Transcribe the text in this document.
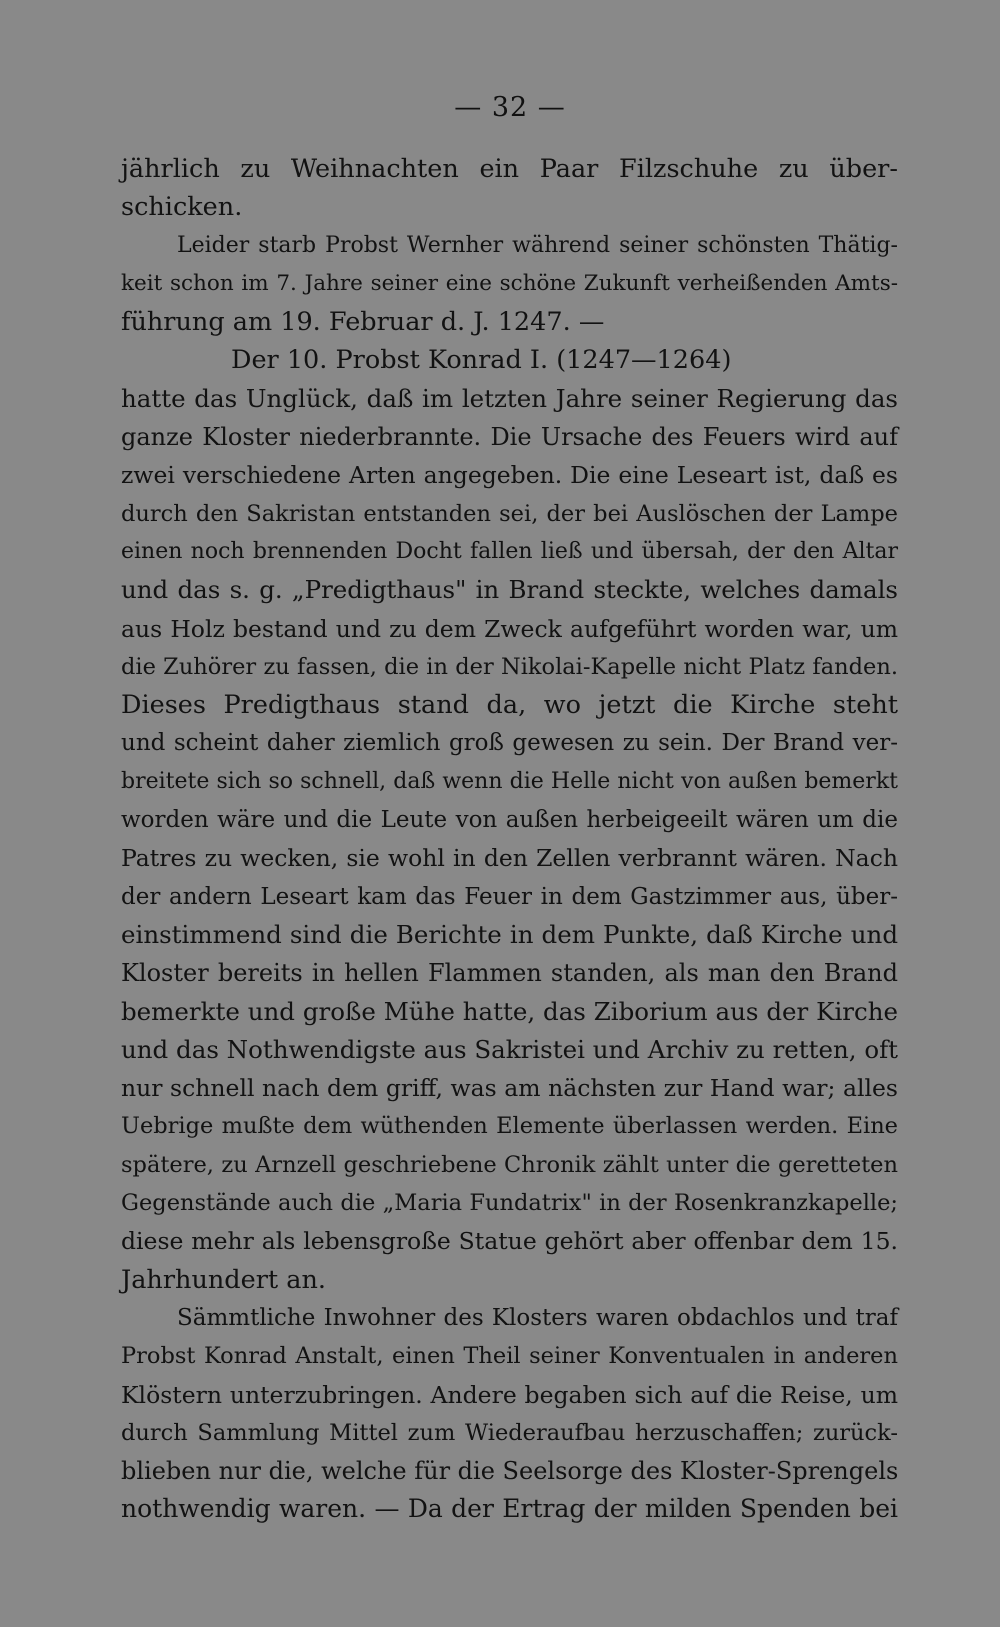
— 32 —
jährlich zu Weihnachten ein Paar Filzschuhe zu über-
schicken.
Leider starb Probst Wernher während seiner schönsten Thätig-
keit schon im 7. Jahre seiner eine schöne Zukunft verheißenden Amts-
führung am 19. Februar d. J. 1247. —
Der 10. Probst Konrad I. (1247—1264)
hatte das Unglück, daß im letzten Jahre seiner Regierung das
ganze Kloster niederbrannte. Die Ursache des Feuers wird auf
zwei verschiedene Arten angegeben. Die eine Leseart ist, daß es
durch den Sakristan entstanden sei, der bei Auslöschen der Lampe
einen noch brennenden Docht fallen ließ und übersah, der den Altar
und das s. g. „Predigthaus" in Brand steckte, welches damals
aus Holz bestand und zu dem Zweck aufgeführt worden war, um
die Zuhörer zu fassen, die in der Nikolai-Kapelle nicht Platz fanden.
Dieses Predigthaus stand da, wo jetzt die Kirche steht
und scheint daher ziemlich groß gewesen zu sein. Der Brand ver-
breitete sich so schnell, daß wenn die Helle nicht von außen bemerkt
worden wäre und die Leute von außen herbeigeeilt wären um die
Patres zu wecken, sie wohl in den Zellen verbrannt wären. Nach
der andern Leseart kam das Feuer in dem Gastzimmer aus, über-
einstimmend sind die Berichte in dem Punkte, daß Kirche und
Kloster bereits in hellen Flammen standen, als man den Brand
bemerkte und große Mühe hatte, das Ziborium aus der Kirche
und das Nothwendigste aus Sakristei und Archiv zu retten, oft
nur schnell nach dem griff, was am nächsten zur Hand war; alles
Uebrige mußte dem wüthenden Elemente überlassen werden. Eine
spätere, zu Arnzell geschriebene Chronik zählt unter die geretteten
Gegenstände auch die „Maria Fundatrix" in der Rosenkranzkapelle;
diese mehr als lebensgroße Statue gehört aber offenbar dem 15.
Jahrhundert an.
Sämmtliche Inwohner des Klosters waren obdachlos und traf
Probst Konrad Anstalt, einen Theil seiner Konventualen in anderen
Klöstern unterzubringen. Andere begaben sich auf die Reise, um
durch Sammlung Mittel zum Wiederaufbau herzuschaffen; zurück-
blieben nur die, welche für die Seelsorge des Kloster-Sprengels
nothwendig waren. — Da der Ertrag der milden Spenden bei
